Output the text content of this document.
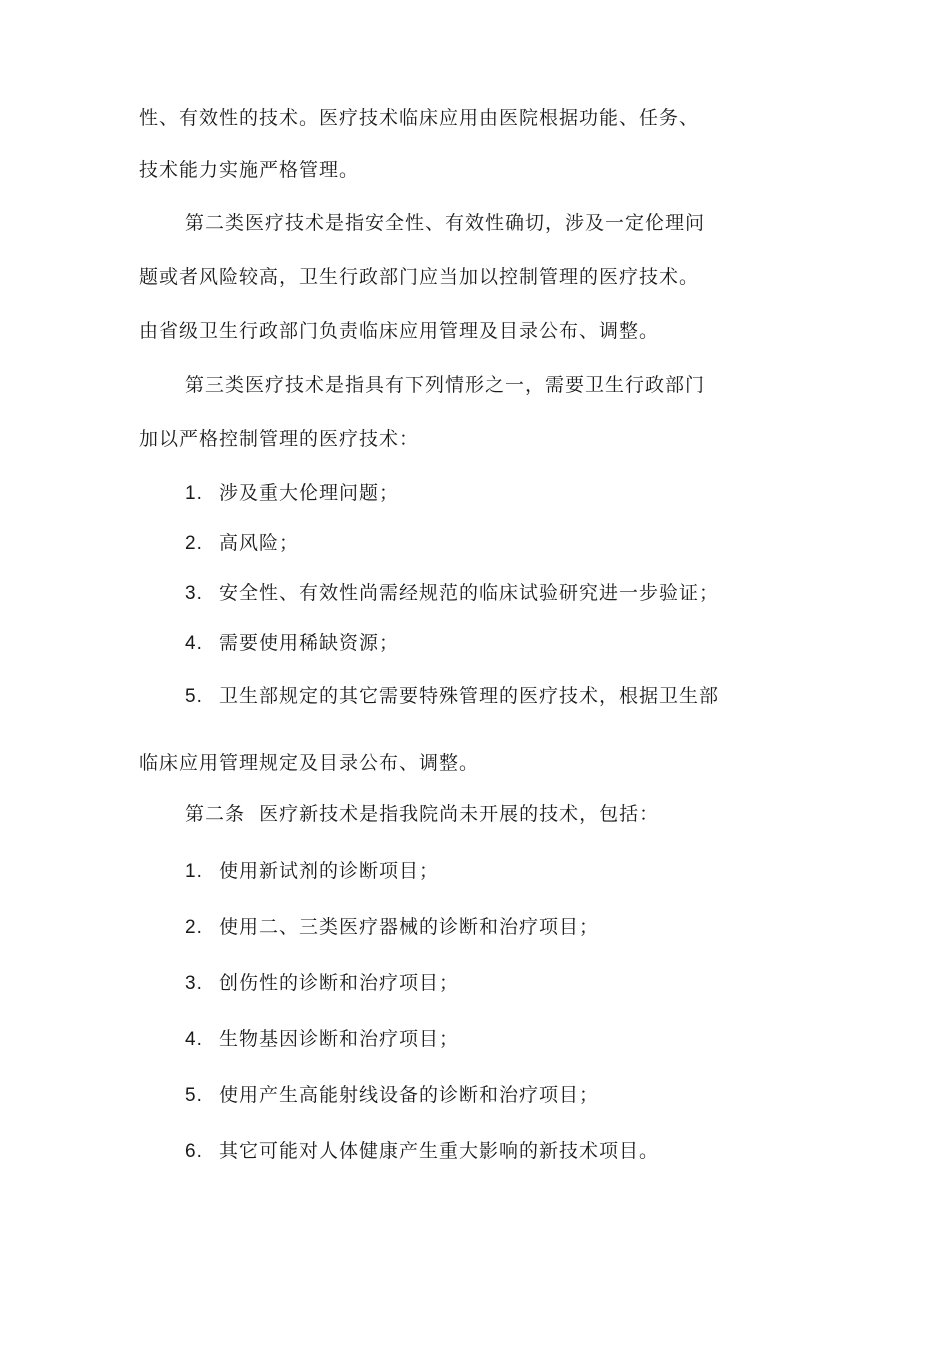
性、有效性的技术。医疗技术临床应用由医院根据功能、任务、
技术能力实施严格管理。
第二类医疗技术是指安全性、有效性确切，涉及一定伦理问
题或者风险较高，卫生行政部门应当加以控制管理的医疗技术。
由省级卫生行政部门负责临床应用管理及目录公布、调整。
第三类医疗技术是指具有下列情形之一，需要卫生行政部门
加以严格控制管理的医疗技术：
1. 涉及重大伦理问题；
2. 高风险；
3. 安全性、有效性尚需经规范的临床试验研究进一步验证；
4. 需要使用稀缺资源；
5. 卫生部规定的其它需要特殊管理的医疗技术，根据卫生部
临床应用管理规定及目录公布、调整。
第二条  医疗新技术是指我院尚未开展的技术，包括：
1. 使用新试剂的诊断项目；
2. 使用二、三类医疗器械的诊断和治疗项目；
3. 创伤性的诊断和治疗项目；
4. 生物基因诊断和治疗项目；
5. 使用产生高能射线设备的诊断和治疗项目；
6. 其它可能对人体健康产生重大影响的新技术项目。
